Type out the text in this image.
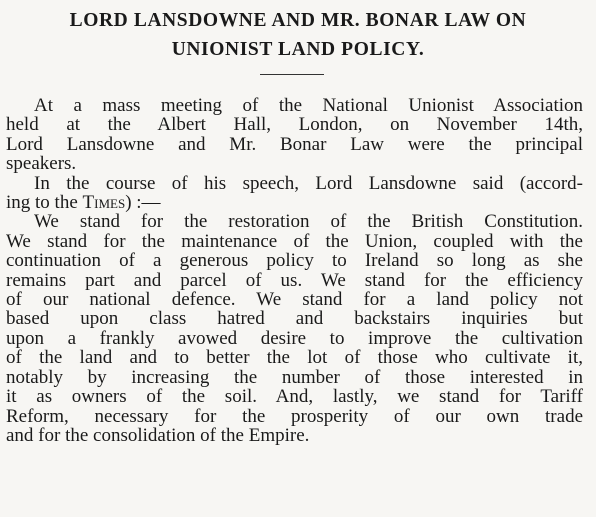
LORD LANSDOWNE AND MR. BONAR LAW ON
UNIONIST LAND POLICY.
At a mass meeting of the National Unionist Association
held at the Albert Hall, London, on November 14th,
Lord Lansdowne and Mr. Bonar Law were the principal
speakers.
In the course of his speech, Lord Lansdowne said (accord-
ing to the Times) :—
We stand for the restoration of the British Constitution.
We stand for the maintenance of the Union, coupled with the
continuation of a generous policy to Ireland so long as she
remains part and parcel of us. We stand for the efficiency
of our national defence. We stand for a land policy not
based upon class hatred and backstairs inquiries but
upon a frankly avowed desire to improve the cultivation
of the land and to better the lot of those who cultivate it,
notably by increasing the number of those interested in
it as owners of the soil. And, lastly, we stand for Tariff
Reform, necessary for the prosperity of our own trade
and for the consolidation of the Empire.
